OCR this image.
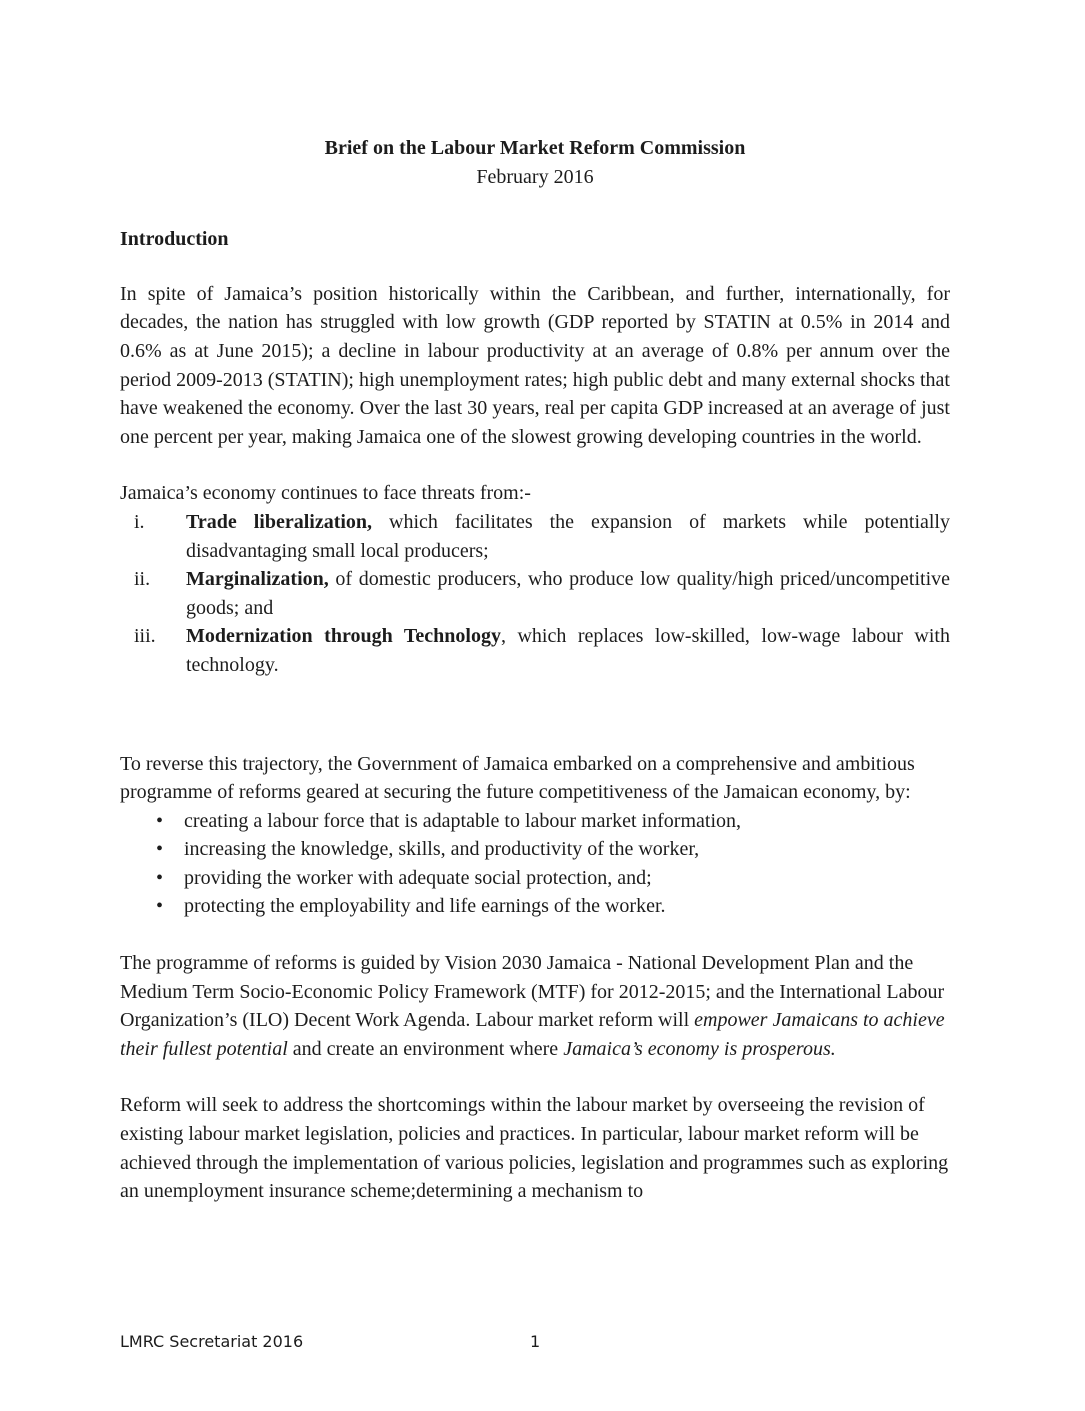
Brief on the Labour Market Reform Commission
February 2016
Introduction

In spite of Jamaica’s position historically within the Caribbean, and further, internationally, for decades, the nation has struggled with low growth (GDP reported by STATIN at 0.5% in 2014 and 0.6% as at June 2015); a decline in labour productivity at an average of 0.8% per annum over the period 2009-2013 (STATIN); high unemployment rates; high public debt and many external shocks that have weakened the economy. Over the last 30 years, real per capita GDP increased at an average of just one percent per year, making Jamaica one of the slowest growing developing countries in the world.

Jamaica’s economy continues to face threats from:-

i. Trade liberalization, which facilitates the expansion of markets while potentially disadvantaging small local producers;
ii. Marginalization, of domestic producers, who produce low quality/high priced/uncompetitive goods; and
iii. Modernization through Technology, which replaces low-skilled, low-wage labour with technology.

To reverse this trajectory, the Government of Jamaica embarked on a comprehensive and ambitious programme of reforms geared at securing the future competitiveness of the Jamaican economy, by:

• creating a labour force that is adaptable to labour market information,
• increasing the knowledge, skills, and productivity of the worker,
• providing the worker with adequate social protection, and;
• protecting the employability and life earnings of the worker.

The programme of reforms is guided by Vision 2030 Jamaica - National Development Plan and the Medium Term Socio-Economic Policy Framework (MTF) for 2012-2015; and the International Labour Organization’s (ILO) Decent Work Agenda. Labour market reform will empower Jamaicans to achieve their fullest potential and create an environment where Jamaica’s economy is prosperous.

Reform will seek to address the shortcomings within the labour market by overseeing the revision of existing labour market legislation, policies and practices. In particular, labour market reform will be achieved through the implementation of various policies, legislation and programmes such as exploring an unemployment insurance scheme;determining a mechanism to

LMRC Secretariat 2016	1
